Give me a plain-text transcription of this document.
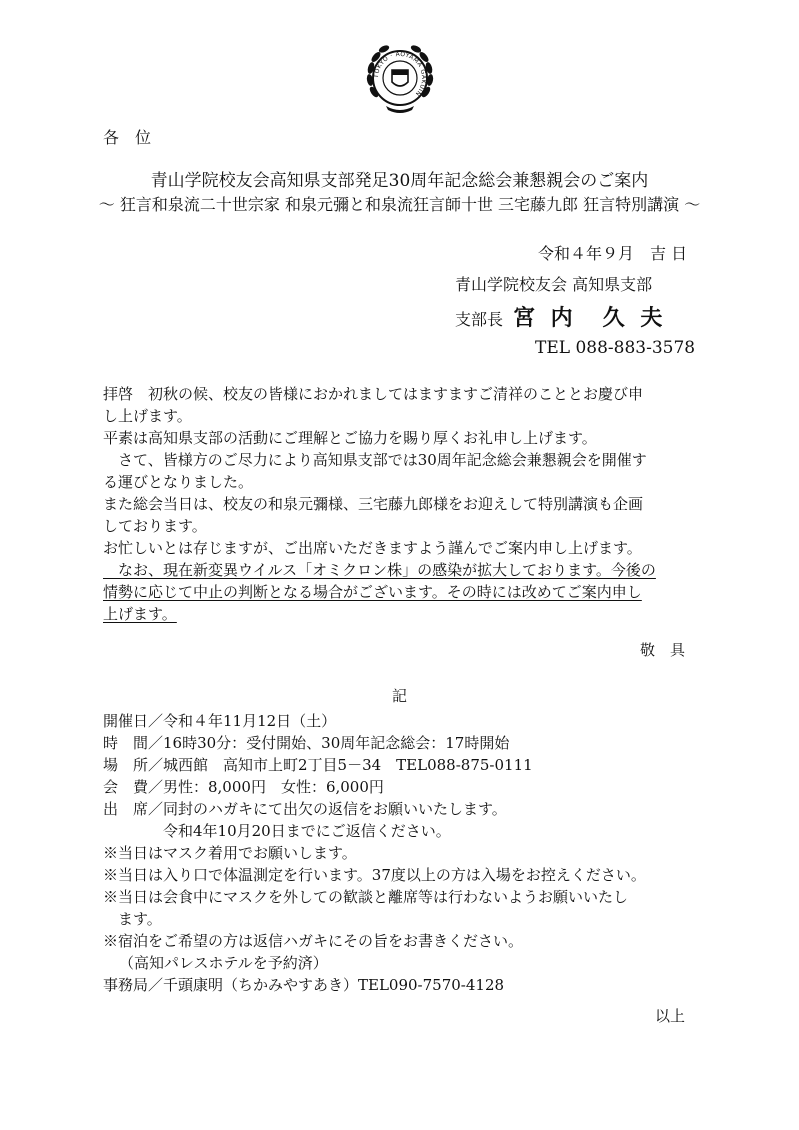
TOKYO · AOYAMA GAKUIN
各　位
青山学院校友会高知県支部発足30周年記念総会兼懇親会のご案内
～ 狂言和泉流二十世宗家 和泉元彌と和泉流狂言師十世 三宅藤九郎 狂言特別講演 ～
令和４年９月　吉 日
青山学院校友会 高知県支部
支部長 宮 内　久 夫
TEL 088-883-3578
拝啓　初秋の候、校友の皆様におかれましてはますますご清祥のこととお慶び申
し上げます。
平素は高知県支部の活動にご理解とご協力を賜り厚くお礼申し上げます。
　さて、皆様方のご尽力により高知県支部では30周年記念総会兼懇親会を開催す
る運びとなりました。
また総会当日は、校友の和泉元彌様、三宅藤九郎様をお迎えして特別講演も企画
しております。
お忙しいとは存じますが、ご出席いただきますよう謹んでご案内申し上げます。
　なお、現在新変異ウイルス「オミクロン株」の感染が拡大しております。今後の
情勢に応じて中止の判断となる場合がございます。その時には改めてご案内申し
上げます。
敬　具
記
開催日／令和４年11月12日（土）
時　間／16時30分：受付開始、30周年記念総会：17時開始
場　所／城西館　高知市上町2丁目5－34　TEL088-875-0111
会　費／男性：8,000円　女性：6,000円
出　席／同封のハガキにて出欠の返信をお願いいたします。
　　　　令和4年10月20日までにご返信ください。
※当日はマスク着用でお願いします。
※当日は入り口で体温測定を行います。37度以上の方は入場をお控えください。
※当日は会食中にマスクを外しての歓談と離席等は行わないようお願いいたし
　ます。
※宿泊をご希望の方は返信ハガキにその旨をお書きください。
（高知パレスホテルを予約済）
事務局／千頭康明（ちかみやすあき）TEL090-7570-4128
以上
